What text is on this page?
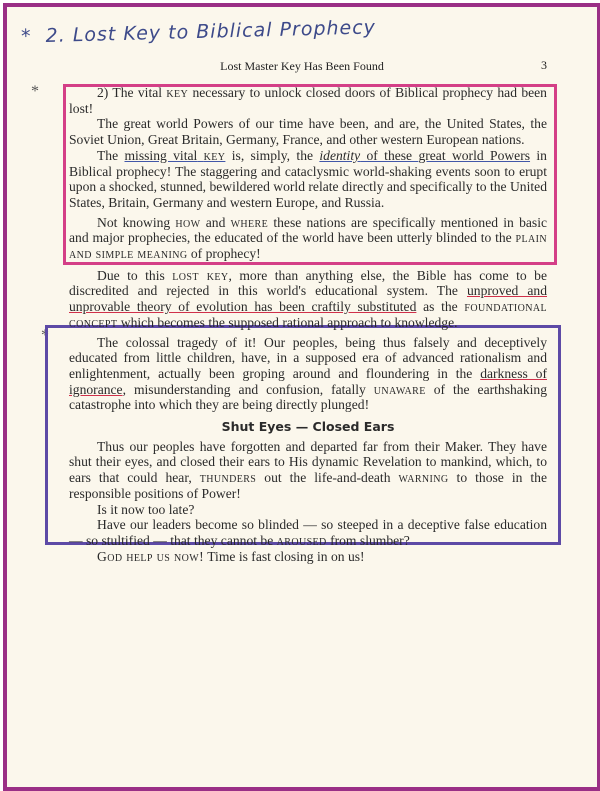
* 2. Lost Key to Biblical Prophecy
Lost Master Key Has Been Found	3
*
*

2) The vital key necessary to unlock closed doors of Biblical prophecy had been lost!

The great world Powers of our time have been, and are, the United States, the Soviet Union, Great Britain, Germany, France, and other western European nations.

The missing vital key is, simply, the identity of these great world Powers in Biblical prophecy! The staggering and cataclysmic world-shaking events soon to erupt upon a shocked, stunned, bewildered world relate directly and specifically to the United States, Britain, Germany and western Europe, and Russia.

Not knowing how and where these nations are specifically mentioned in basic and major prophecies, the educated of the world have been utterly blinded to the plain and simple meaning of prophecy!

Due to this lost key, more than anything else, the Bible has come to be discredited and rejected in this world's educational system. The unproved and unprovable theory of evolution has been craftily substituted as the foundational concept which becomes the supposed rational approach to knowledge.

The colossal tragedy of it! Our peoples, being thus falsely and deceptively educated from little children, have, in a supposed era of advanced rationalism and enlightenment, actually been groping around and floundering in the darkness of ignorance, misunderstanding and confusion, fatally unaware of the earthshaking catastrophe into which they are being directly plunged!

Shut Eyes — Closed Ears

Thus our peoples have forgotten and departed far from their Maker. They have shut their eyes, and closed their ears to His dynamic Revelation to mankind, which, to ears that could hear, thunders out the life-and-death warning to those in the responsible positions of Power!

Is it now too late?

Have our leaders become so blinded — so steeped in a deceptive false education — so stultified — that they cannot be aroused from slumber?

God help us now! Time is fast closing in on us!
